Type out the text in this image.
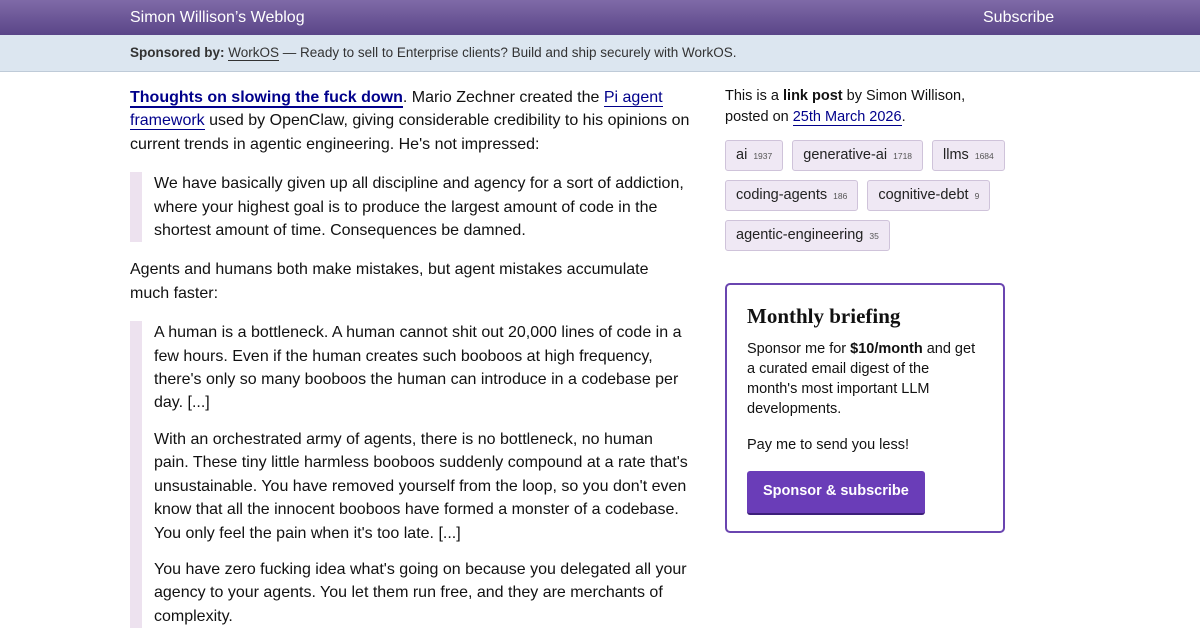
Simon Willison’s Weblog	Subscribe
Sponsored by: WorkOS — Ready to sell to Enterprise clients? Build and ship securely with WorkOS.

Thoughts on slowing the fuck down. Mario Zechner created the Pi agent framework used by OpenClaw, giving considerable credibility to his opinions on current trends in agentic engineering. He's not impressed:

We have basically given up all discipline and agency for a sort of addiction, where your highest goal is to produce the largest amount of code in the shortest amount of time. Consequences be damned.

Agents and humans both make mistakes, but agent mistakes accumulate much faster:

A human is a bottleneck. A human cannot shit out 20,000 lines of code in a few hours. Even if the human creates such booboos at high frequency, there's only so many booboos the human can introduce in a codebase per day. [...]

With an orchestrated army of agents, there is no bottleneck, no human pain. These tiny little harmless booboos suddenly compound at a rate that's unsustainable. You have removed yourself from the loop, so you don't even know that all the innocent booboos have formed a monster of a codebase. You only feel the pain when it's too late. [...]

You have zero fucking idea what's going on because you delegated all your agency to your agents. You let them run free, and they are merchants of complexity.

This is a link post by Simon Willison, posted on 25th March 2026.

ai 1937	generative-ai 1718	llms 1684
coding-agents 186	cognitive-debt 9
agentic-engineering 35
Monthly briefing

Sponsor me for $10/month and get a curated email digest of the month's most important LLM developments.

Pay me to send you less!

Sponsor & subscribe
